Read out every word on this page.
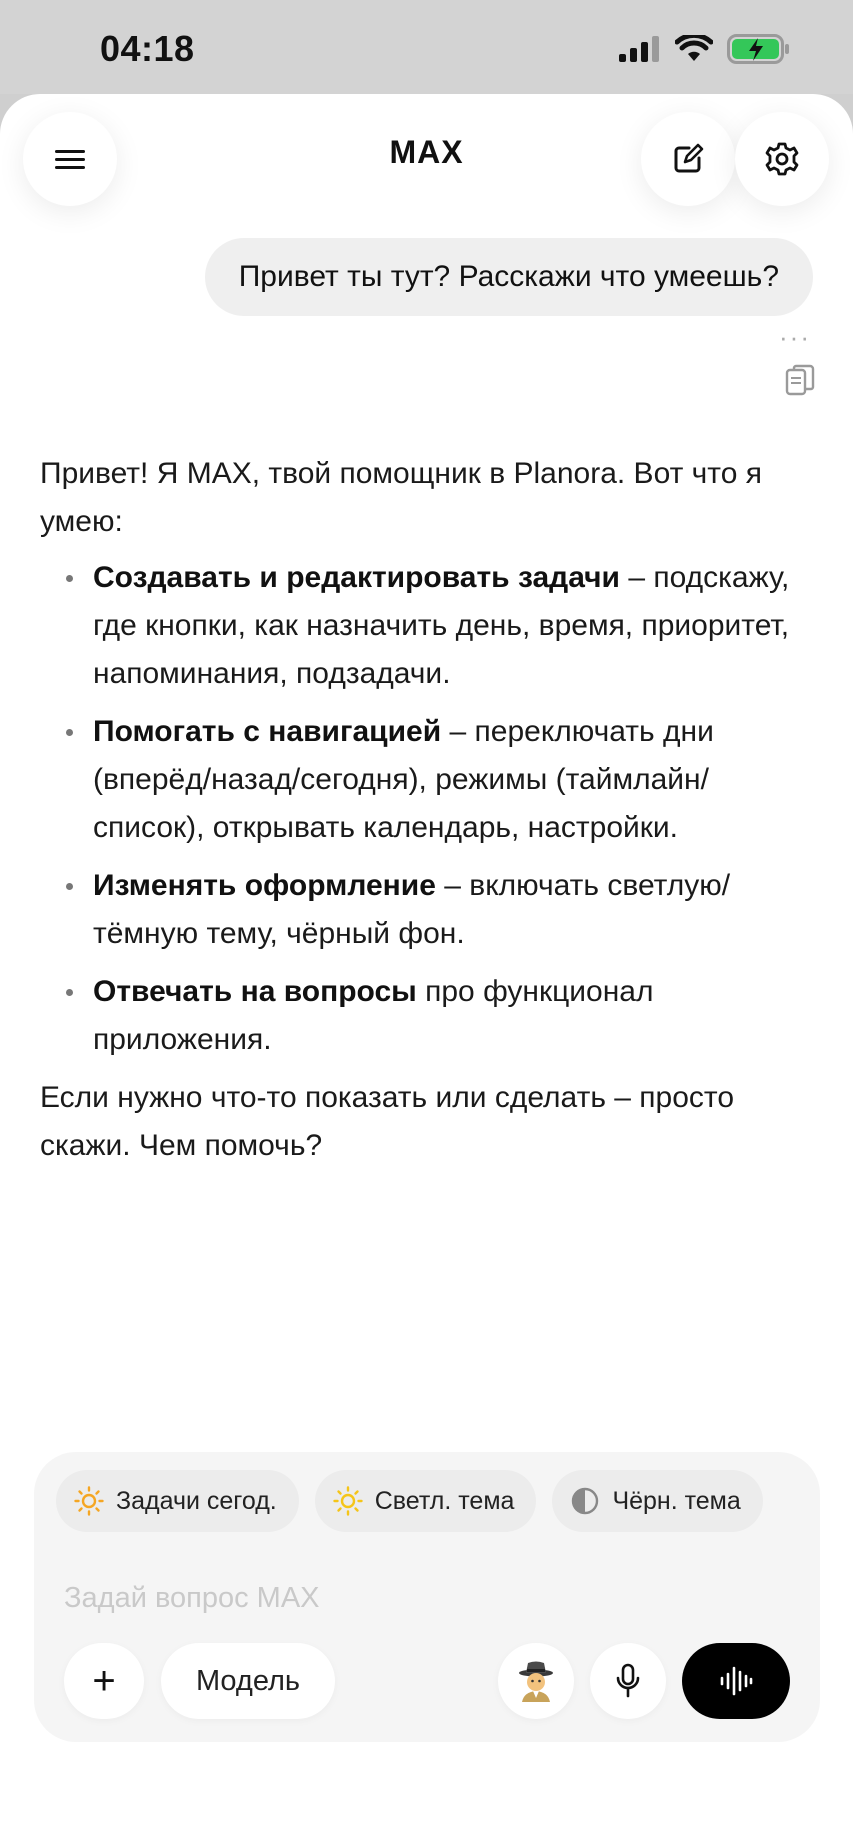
04:18
MAX
Привет ты тут? Расскажи что умеешь?
···

Привет! Я MAX, твой помощник в Planora. Вот что я умею:

Создавать и редактировать задачи – подскажу, где кнопки, как назначить день, время, приоритет, напоминания, подзадачи.
Помогать с навигацией – переключать дни (вперёд/назад/сегодня), режимы (таймлайн/список), открывать календарь, настройки.
Изменять оформление – включать светлую/тёмную тему, чёрный фон.
Отвечать на вопросы про функционал приложения.

Если нужно что-то показать или сделать – просто скажи. Чем помочь?

Задачи сегод.	Светл. тема	Чёрн. тема
Задай вопрос MAX
+	Модель
